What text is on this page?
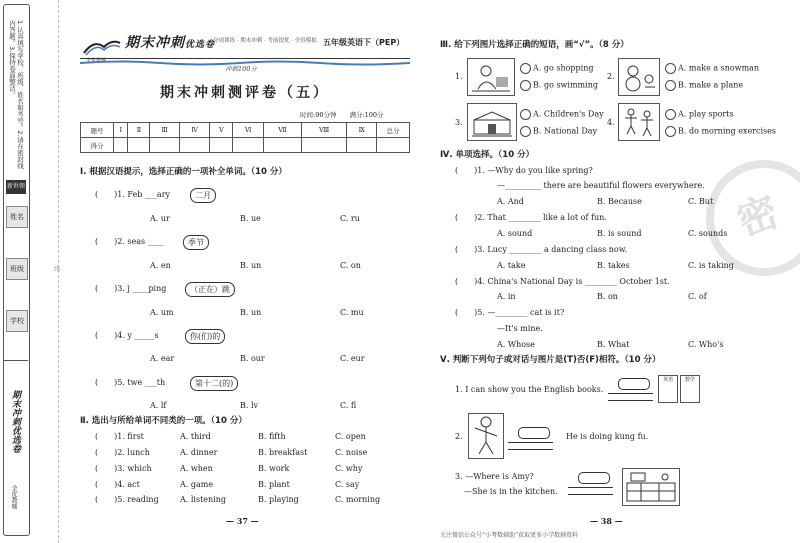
1.认真填写学校、班级、姓名和考号。2.请在密封线内答题。3.保持卷面整洁。
新世领
姓名
班级
学校
期末冲刺优选卷
全优教辅
线
全优教辅
期末冲刺优选卷
分项训练 · 期末冲刺 · 考前提优 · 全真模拟 五年级英语下（PEP）
冲刺100分
期末冲刺测评卷（五）
时间:90分钟　　满分:100分
题号	Ⅰ	Ⅱ	Ⅲ	Ⅳ	Ⅴ	Ⅵ	Ⅶ	Ⅷ	Ⅸ	总分
得分										
Ⅰ. 根据汉语提示，选择正确的一项补全单词。（10 分）
(　　)1. Feb ___ary	二月
A. ur	B. ue	C. ru
(　　)2. seas ____	季节
A. en	B. un	C. on
(　　)3. j ____ping	（正在）跳
A. um	B. un	C. mu
(　　)4. y _____s	你(们)的
A. ear	B. our	C. eur
(　　)5. twe ___th	第十二(的)
A. lf	B. lv	C. fl
Ⅱ. 选出与所给单词不同类的一项。（10 分）
(　　)1. first	A. third	B. fifth	C. open
(　　)2. lunch	A. dinner	B. breakfast	C. noise
(　　)3. which	A. when	B. work	C. why
(　　)4. act	A. game	B. plant	C. say
(　　)5. reading	A. listening	B. playing	C. morning
— 37 —
Ⅲ. 给下列图片选择正确的短语，画“√”。（8 分）
1.
A. go shopping
B. go swimming
2.
A. make a snowman
B. make a plane
3.
A. Children's Day
B. National Day
4.
A. play sports
B. do morning exercises
密
Ⅳ. 单项选择。（10 分）
(　　)1. —Why do you like spring?
—_________ there are beautiful flowers everywhere.
A. And	B. Because	C. But
(　　)2. That ________ like a lot of fun.
A. sound	B. is sound	C. sounds
(　　)3. Lucy ________ a dancing class now.
A. take	B. takes	C. is taking
(　　)4. China's National Day is ________ October 1st.
A. in	B. on	C. of
(　　)5. —________ cat is it?
—It's mine.
A. Whose	B. What	C. Who's
Ⅴ. 判断下列句子或对话与图片是(T)否(F)相符。（10 分）
1. I can show you the English books.
英语	数学
2.	He is doing kung fu.
3. —Where is Amy?
—She is in the kitchen.
— 38 —
关注微信公众号“小考数辅助”获取更多小学数辅资料
